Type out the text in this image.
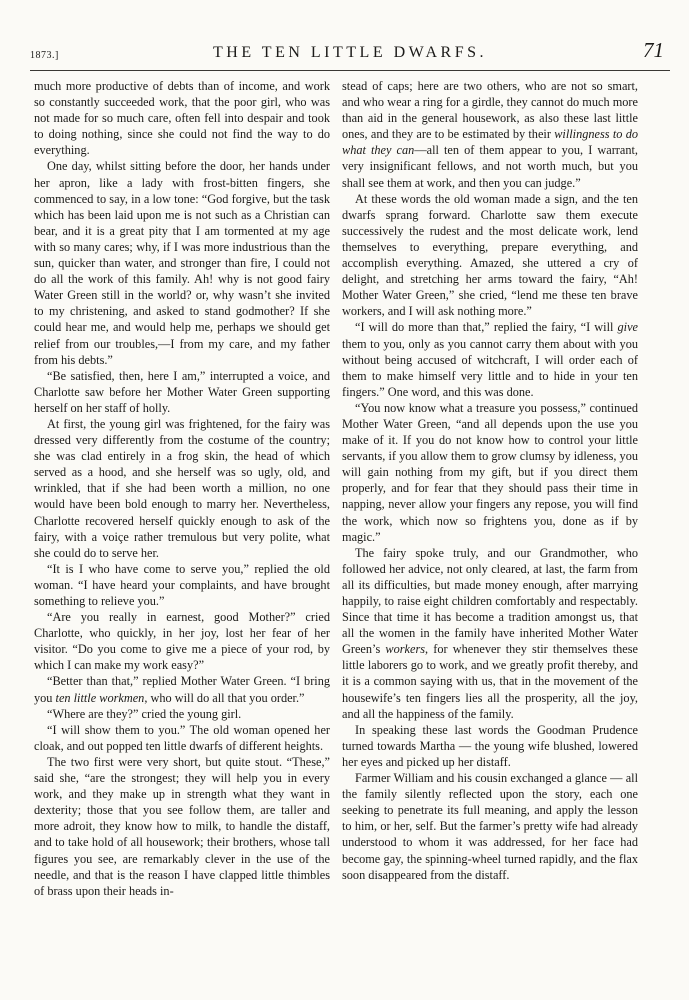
1873.]	THE TEN LITTLE DWARFS.	71

much more productive of debts than of income, and work so constantly succeeded work, that the poor girl, who was not made for so much care, often fell into despair and took to doing nothing, since she could not find the way to do everything.

One day, whilst sitting before the door, her hands under her apron, like a lady with frost-bitten fingers, she commenced to say, in a low tone: “God forgive, but the task which has been laid upon me is not such as a Christian can bear, and it is a great pity that I am tormented at my age with so many cares; why, if I was more industrious than the sun, quicker than water, and stronger than fire, I could not do all the work of this family. Ah! why is not good fairy Water Green still in the world? or, why wasn’t she invited to my christening, and asked to stand godmother? If she could hear me, and would help me, perhaps we should get relief from our troubles,—I from my care, and my father from his debts.”

“Be satisfied, then, here I am,” interrupted a voice, and Charlotte saw before her Mother Water Green supporting herself on her staff of holly.

At first, the young girl was frightened, for the fairy was dressed very differently from the costume of the country; she was clad entirely in a frog skin, the head of which served as a hood, and she herself was so ugly, old, and wrinkled, that if she had been worth a million, no one would have been bold enough to marry her. Nevertheless, Charlotte recovered herself quickly enough to ask of the fairy, with a voiçe rather tremulous but very polite, what she could do to serve her.

“It is I who have come to serve you,” replied the old woman. “I have heard your complaints, and have brought something to relieve you.”

“Are you really in earnest, good Mother?” cried Charlotte, who quickly, in her joy, lost her fear of her visitor. “Do you come to give me a piece of your rod, by which I can make my work easy?”

“Better than that,” replied Mother Water Green. “I bring you ten little workmen, who will do all that you order.”

“Where are they?” cried the young girl.

“I will show them to you.” The old woman opened her cloak, and out popped ten little dwarfs of different heights.

The two first were very short, but quite stout. “These,” said she, “are the strongest; they will help you in every work, and they make up in strength what they want in dexterity; those that you see follow them, are taller and more adroit, they know how to milk, to handle the distaff, and to take hold of all housework; their brothers, whose tall figures you see, are remarkably clever in the use of the needle, and that is the reason I have clapped little thimbles of brass upon their heads in-

stead of caps; here are two others, who are not so smart, and who wear a ring for a girdle, they cannot do much more than aid in the general housework, as also these last little ones, and they are to be estimated by their willingness to do what they can—all ten of them appear to you, I warrant, very insignificant fellows, and not worth much, but you shall see them at work, and then you can judge.”

At these words the old woman made a sign, and the ten dwarfs sprang forward. Charlotte saw them execute successively the rudest and the most delicate work, lend themselves to everything, prepare everything, and accomplish everything. Amazed, she uttered a cry of delight, and stretching her arms toward the fairy, “Ah! Mother Water Green,” she cried, “lend me these ten brave workers, and I will ask nothing more.”

“I will do more than that,” replied the fairy, “I will give them to you, only as you cannot carry them about with you without being accused of witchcraft, I will order each of them to make himself very little and to hide in your ten fingers.” One word, and this was done.

“You now know what a treasure you possess,” continued Mother Water Green, “and all depends upon the use you make of it. If you do not know how to control your little servants, if you allow them to grow clumsy by idleness, you will gain nothing from my gift, but if you direct them properly, and for fear that they should pass their time in napping, never allow your fingers any repose, you will find the work, which now so frightens you, done as if by magic.”

The fairy spoke truly, and our Grandmother, who followed her advice, not only cleared, at last, the farm from all its difficulties, but made money enough, after marrying happily, to raise eight children comfortably and respectably. Since that time it has become a tradition amongst us, that all the women in the family have inherited Mother Water Green’s workers, for whenever they stir themselves these little laborers go to work, and we greatly profit thereby, and it is a common saying with us, that in the movement of the housewife’s ten fingers lies all the prosperity, all the joy, and all the happiness of the family.

In speaking these last words the Goodman Prudence turned towards Martha — the young wife blushed, lowered her eyes and picked up her distaff.

Farmer William and his cousin exchanged a glance — all the family silently reflected upon the story, each one seeking to penetrate its full meaning, and apply the lesson to him, or her, self. But the farmer’s pretty wife had already understood to whom it was addressed, for her face had become gay, the spinning-wheel turned rapidly, and the flax soon disappeared from the distaff.
